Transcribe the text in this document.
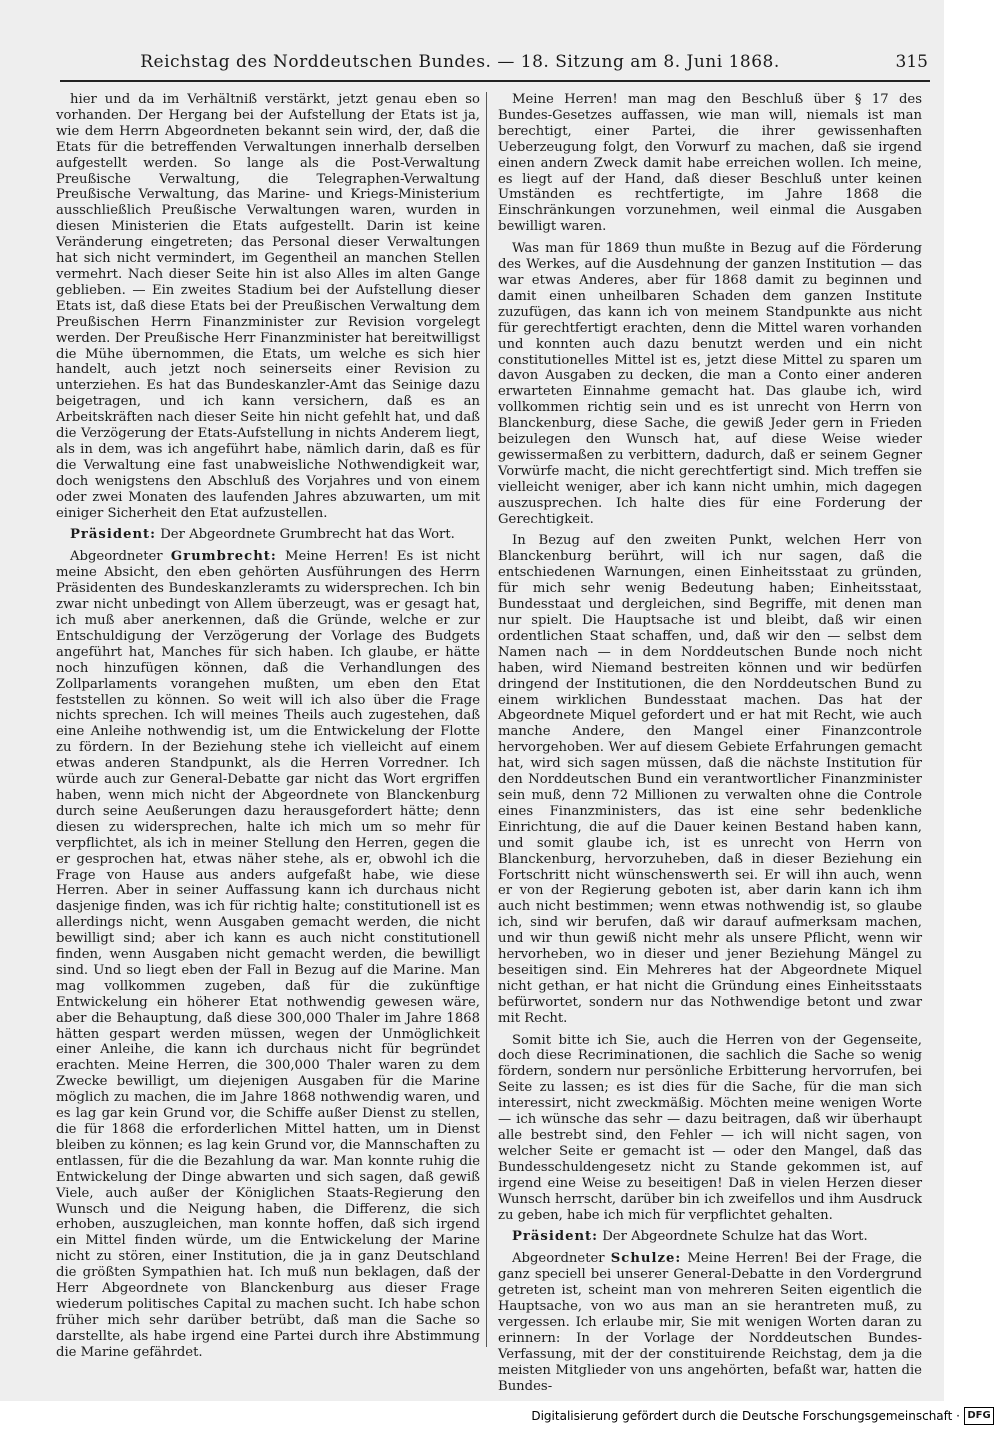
Reichstag des Norddeutschen Bundes. — 18. Sitzung am 8. Juni 1868.	315

hier und da im Verhältniß verstärkt, jetzt genau eben so vorhanden. Der Hergang bei der Aufstellung der Etats ist ja, wie dem Herrn Abgeordneten bekannt sein wird, der, daß die Etats für die betreffenden Verwaltungen innerhalb derselben aufgestellt werden. So lange als die Post-Verwaltung Preußische Verwaltung, die Telegraphen-Verwaltung Preußische Verwaltung, das Marine- und Kriegs-Ministerium ausschließlich Preußische Verwaltungen waren, wurden in diesen Ministerien die Etats aufgestellt. Darin ist keine Veränderung eingetreten; das Personal dieser Verwaltungen hat sich nicht vermindert, im Gegentheil an manchen Stellen vermehrt. Nach dieser Seite hin ist also Alles im alten Gange geblieben. — Ein zweites Stadium bei der Aufstellung dieser Etats ist, daß diese Etats bei der Preußischen Verwaltung dem Preußischen Herrn Finanzminister zur Revision vorgelegt werden. Der Preußische Herr Finanzminister hat bereitwilligst die Mühe übernommen, die Etats, um welche es sich hier handelt, auch jetzt noch seinerseits einer Revision zu unterziehen. Es hat das Bundeskanzler-Amt das Seinige dazu beigetragen, und ich kann versichern, daß es an Arbeitskräften nach dieser Seite hin nicht gefehlt hat, und daß die Verzögerung der Etats-Aufstellung in nichts Anderem liegt, als in dem, was ich angeführt habe, nämlich darin, daß es für die Verwaltung eine fast unabweisliche Nothwendigkeit war, doch wenigstens den Abschluß des Vorjahres und von einem oder zwei Monaten des laufenden Jahres abzuwarten, um mit einiger Sicherheit den Etat aufzustellen.

Präsident: Der Abgeordnete Grumbrecht hat das Wort.

Abgeordneter Grumbrecht: Meine Herren! Es ist nicht meine Absicht, den eben gehörten Ausführungen des Herrn Präsidenten des Bundeskanzleramts zu widersprechen. Ich bin zwar nicht unbedingt von Allem überzeugt, was er gesagt hat, ich muß aber anerkennen, daß die Gründe, welche er zur Entschuldigung der Verzögerung der Vorlage des Budgets angeführt hat, Manches für sich haben. Ich glaube, er hätte noch hinzufügen können, daß die Verhandlungen des Zollparlaments vorangehen mußten, um eben den Etat feststellen zu können. So weit will ich also über die Frage nichts sprechen. Ich will meines Theils auch zugestehen, daß eine Anleihe nothwendig ist, um die Entwickelung der Flotte zu fördern. In der Beziehung stehe ich vielleicht auf einem etwas anderen Standpunkt, als die Herren Vorredner. Ich würde auch zur General-Debatte gar nicht das Wort ergriffen haben, wenn mich nicht der Abgeordnete von Blanckenburg durch seine Aeußerungen dazu herausgefordert hätte; denn diesen zu widersprechen, halte ich mich um so mehr für verpflichtet, als ich in meiner Stellung den Herren, gegen die er gesprochen hat, etwas näher stehe, als er, obwohl ich die Frage von Hause aus anders aufgefaßt habe, wie diese Herren. Aber in seiner Auffassung kann ich durchaus nicht dasjenige finden, was ich für richtig halte; constitutionell ist es allerdings nicht, wenn Ausgaben gemacht werden, die nicht bewilligt sind; aber ich kann es auch nicht constitutionell finden, wenn Ausgaben nicht gemacht werden, die bewilligt sind. Und so liegt eben der Fall in Bezug auf die Marine. Man mag vollkommen zugeben, daß für die zukünftige Entwickelung ein höherer Etat nothwendig gewesen wäre, aber die Behauptung, daß diese 300,000 Thaler im Jahre 1868 hätten gespart werden müssen, wegen der Unmöglichkeit einer Anleihe, die kann ich durchaus nicht für begründet erachten. Meine Herren, die 300,000 Thaler waren zu dem Zwecke bewilligt, um diejenigen Ausgaben für die Marine möglich zu machen, die im Jahre 1868 nothwendig waren, und es lag gar kein Grund vor, die Schiffe außer Dienst zu stellen, die für 1868 die erforderlichen Mittel hatten, um in Dienst bleiben zu können; es lag kein Grund vor, die Mannschaften zu entlassen, für die die Bezahlung da war. Man konnte ruhig die Entwickelung der Dinge abwarten und sich sagen, daß gewiß Viele, auch außer der Königlichen Staats-Regierung den Wunsch und die Neigung haben, die Differenz, die sich erhoben, auszugleichen, man konnte hoffen, daß sich irgend ein Mittel finden würde, um die Entwickelung der Marine nicht zu stören, einer Institution, die ja in ganz Deutschland die größten Sympathien hat. Ich muß nun beklagen, daß der Herr Abgeordnete von Blanckenburg aus dieser Frage wiederum politisches Capital zu machen sucht. Ich habe schon früher mich sehr darüber betrübt, daß man die Sache so darstellte, als habe irgend eine Partei durch ihre Abstimmung die Marine gefährdet.

Meine Herren! man mag den Beschluß über § 17 des Bundes-Gesetzes auffassen, wie man will, niemals ist man berechtigt, einer Partei, die ihrer gewissenhaften Ueberzeugung folgt, den Vorwurf zu machen, daß sie irgend einen andern Zweck damit habe erreichen wollen. Ich meine, es liegt auf der Hand, daß dieser Beschluß unter keinen Umständen es rechtfertigte, im Jahre 1868 die Einschränkungen vorzunehmen, weil einmal die Ausgaben bewilligt waren.

Was man für 1869 thun mußte in Bezug auf die Förderung des Werkes, auf die Ausdehnung der ganzen Institution — das war etwas Anderes, aber für 1868 damit zu beginnen und damit einen unheilbaren Schaden dem ganzen Institute zuzufügen, das kann ich von meinem Standpunkte aus nicht für gerechtfertigt erachten, denn die Mittel waren vorhanden und konnten auch dazu benutzt werden und ein nicht constitutionelles Mittel ist es, jetzt diese Mittel zu sparen um davon Ausgaben zu decken, die man a Conto einer anderen erwarteten Einnahme gemacht hat. Das glaube ich, wird vollkommen richtig sein und es ist unrecht von Herrn von Blanckenburg, diese Sache, die gewiß Jeder gern in Frieden beizulegen den Wunsch hat, auf diese Weise wieder gewissermaßen zu verbittern, dadurch, daß er seinem Gegner Vorwürfe macht, die nicht gerechtfertigt sind. Mich treffen sie vielleicht weniger, aber ich kann nicht umhin, mich dagegen auszusprechen. Ich halte dies für eine Forderung der Gerechtigkeit.

In Bezug auf den zweiten Punkt, welchen Herr von Blanckenburg berührt, will ich nur sagen, daß die entschiedenen Warnungen, einen Einheitsstaat zu gründen, für mich sehr wenig Bedeutung haben; Einheitsstaat, Bundesstaat und dergleichen, sind Begriffe, mit denen man nur spielt. Die Hauptsache ist und bleibt, daß wir einen ordentlichen Staat schaffen, und, daß wir den — selbst dem Namen nach — in dem Norddeutschen Bunde noch nicht haben, wird Niemand bestreiten können und wir bedürfen dringend der Institutionen, die den Norddeutschen Bund zu einem wirklichen Bundesstaat machen. Das hat der Abgeordnete Miquel gefordert und er hat mit Recht, wie auch manche Andere, den Mangel einer Finanzcontrole hervorgehoben. Wer auf diesem Gebiete Erfahrungen gemacht hat, wird sich sagen müssen, daß die nächste Institution für den Norddeutschen Bund ein verantwortlicher Finanzminister sein muß, denn 72 Millionen zu verwalten ohne die Controle eines Finanzministers, das ist eine sehr bedenkliche Einrichtung, die auf die Dauer keinen Bestand haben kann, und somit glaube ich, ist es unrecht von Herrn von Blanckenburg, hervorzuheben, daß in dieser Beziehung ein Fortschritt nicht wünschenswerth sei. Er will ihn auch, wenn er von der Regierung geboten ist, aber darin kann ich ihm auch nicht bestimmen; wenn etwas nothwendig ist, so glaube ich, sind wir berufen, daß wir darauf aufmerksam machen, und wir thun gewiß nicht mehr als unsere Pflicht, wenn wir hervorheben, wo in dieser und jener Beziehung Mängel zu beseitigen sind. Ein Mehreres hat der Abgeordnete Miquel nicht gethan, er hat nicht die Gründung eines Einheitsstaats befürwortet, sondern nur das Nothwendige betont und zwar mit Recht.

Somit bitte ich Sie, auch die Herren von der Gegenseite, doch diese Recriminationen, die sachlich die Sache so wenig fördern, sondern nur persönliche Erbitterung hervorrufen, bei Seite zu lassen; es ist dies für die Sache, für die man sich interessirt, nicht zweckmäßig. Möchten meine wenigen Worte — ich wünsche das sehr — dazu beitragen, daß wir überhaupt alle bestrebt sind, den Fehler — ich will nicht sagen, von welcher Seite er gemacht ist — oder den Mangel, daß das Bundesschuldengesetz nicht zu Stande gekommen ist, auf irgend eine Weise zu beseitigen! Daß in vielen Herzen dieser Wunsch herrscht, darüber bin ich zweifellos und ihm Ausdruck zu geben, habe ich mich für verpflichtet gehalten.

Präsident: Der Abgeordnete Schulze hat das Wort.

Abgeordneter Schulze: Meine Herren! Bei der Frage, die ganz speciell bei unserer General-Debatte in den Vordergrund getreten ist, scheint man von mehreren Seiten eigentlich die Hauptsache, von wo aus man an sie herantreten muß, zu vergessen. Ich erlaube mir, Sie mit wenigen Worten daran zu erinnern: In der Vorlage der Norddeutschen Bundes-Verfassung, mit der der constituirende Reichstag, dem ja die meisten Mitglieder von uns angehörten, befaßt war, hatten die Bundes-

Digitalisierung gefördert durch die Deutsche Forschungsgemeinschaft · DFG
